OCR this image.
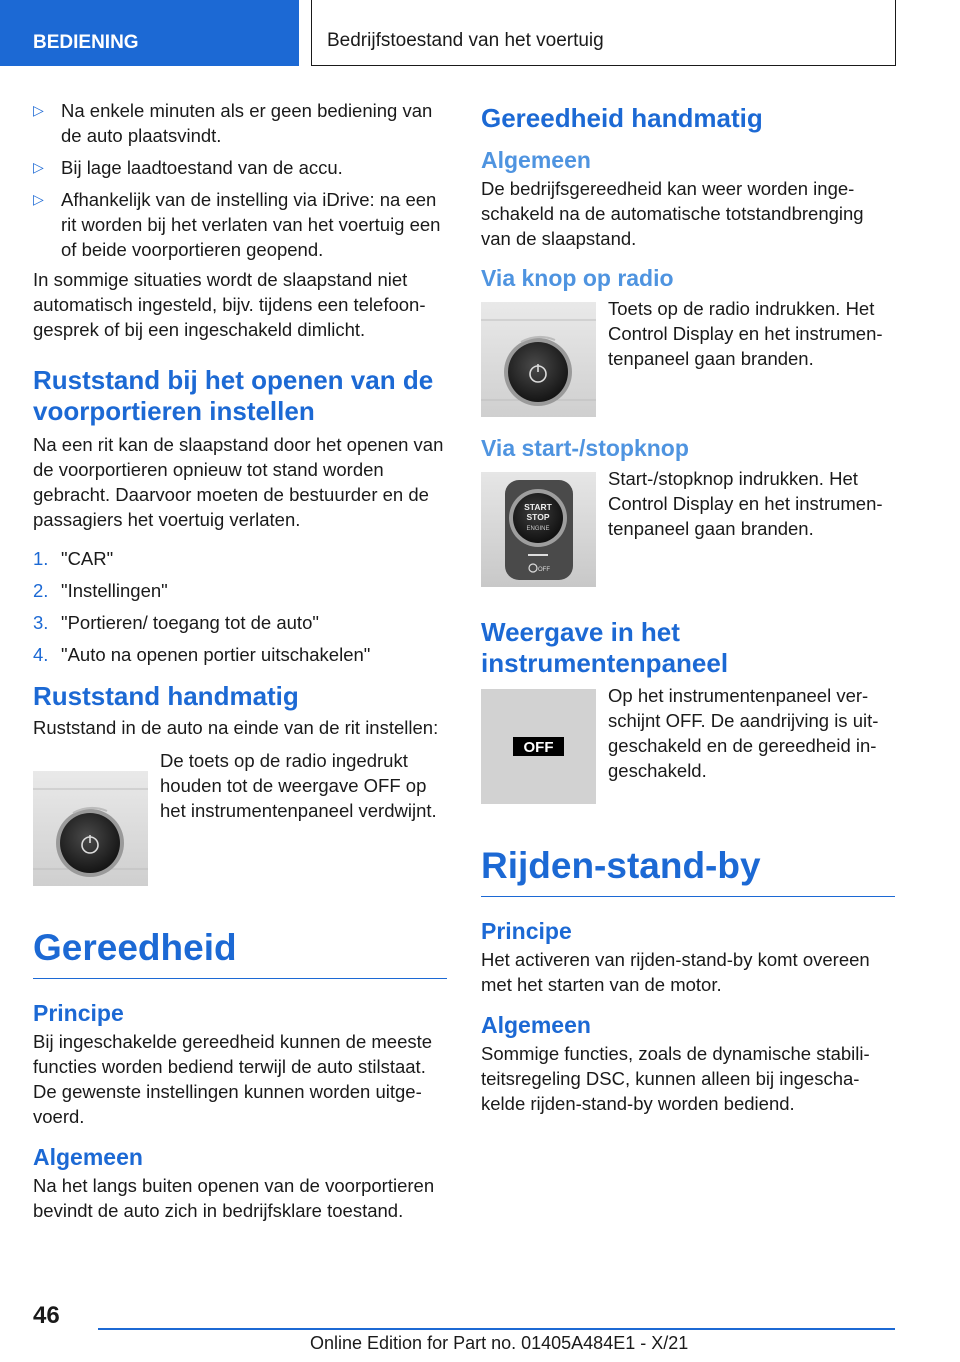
BEDIENING	Bedrijfstoestand van het voertuig
▷ Na enkele minuten als er geen bediening van de auto plaatsvindt.
▷ Bij lage laadtoestand van de accu.
▷ Afhankelijk van de instelling via iDrive: na een rit worden bij het verlaten van het voertuig een of beide voorportieren geopend.

In sommige situaties wordt de slaapstand niet automatisch ingesteld, bijv. tijdens een telefoongesprek of bij een ingeschakeld dimlicht.

Ruststand bij het openen van de voorportieren instellen

Na een rit kan de slaapstand door het openen van de voorportieren opnieuw tot stand worden gebracht. Daarvoor moeten de bestuurder en de passagiers het voertuig verlaten.

1. "CAR"
2. "Instellingen"
3. "Portieren/ toegang tot de auto"
4. "Auto na openen portier uitschakelen"
Ruststand handmatig

Ruststand in de auto na einde van de rit instellen:

De toets op de radio ingedrukt houden tot de weergave OFF op het instrumentenpaneel verdwijnt.
Gereedheid
Principe

Bij ingeschakelde gereedheid kunnen de meeste functies worden bediend terwijl de auto stilstaat. De gewenste instellingen kunnen worden uitgevoerd.

Algemeen

Na het langs buiten openen van de voorportieren bevindt de auto zich in bedrijfsklare toestand.

Gereedheid handmatig
Algemeen

De bedrijfsgereedheid kan weer worden ingeschakeld na de automatische totstandbrenging van de slaapstand.

Via knop op radio
Toets op de radio indrukken. Het Control Display en het instrumentenpaneel gaan branden.
Via start-/stopknop
START
STOP
ENGINE
OFF
Start-/stopknop indrukken. Het Control Display en het instrumentenpaneel gaan branden.
Weergave in het instrumentenpaneel
OFF
Op het instrumentenpaneel verschijnt OFF. De aandrijving is uitgeschakeld en de gereedheid ingeschakeld.
Rijden-stand-by
Principe

Het activeren van rijden-stand-by komt overeen met het starten van de motor.

Algemeen

Sommige functies, zoals de dynamische stabiliteitsregeling DSC, kunnen alleen bij ingeschakelde rijden-stand-by worden bediend.

46
Online Edition for Part no. 01405A484E1 - X/21
